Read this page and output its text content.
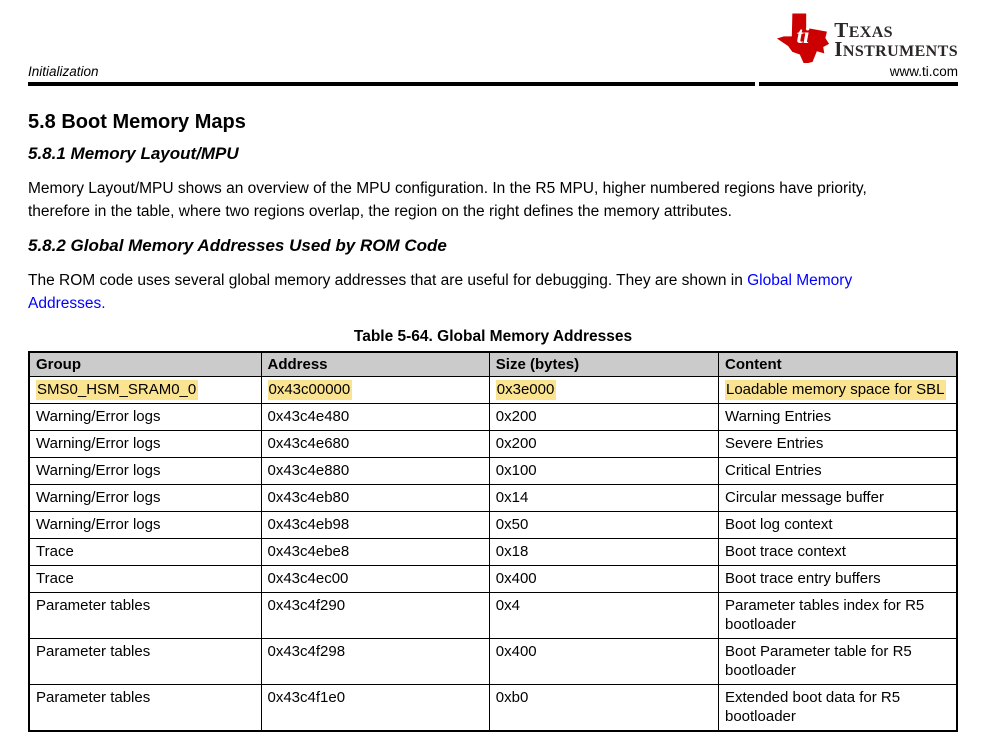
ti TEXAS
INSTRUMENTS
Initialization	www.ti.com
5.8 Boot Memory Maps
5.8.1 Memory Layout/MPU

Memory Layout/MPU shows an overview of the MPU configuration. In the R5 MPU, higher numbered regions have priority, therefore in the table, where two regions overlap, the region on the right defines the memory attributes.

5.8.2 Global Memory Addresses Used by ROM Code

The ROM code uses several global memory addresses that are useful for debugging. They are shown in Global Memory Addresses.

Table 5-64. Global Memory Addresses
Group	Address	Size (bytes)	Content
SMS0_HSM_SRAM0_0	0x43c00000	0x3e000	Loadable memory space for SBL
Warning/Error logs	0x43c4e480	0x200	Warning Entries
Warning/Error logs	0x43c4e680	0x200	Severe Entries
Warning/Error logs	0x43c4e880	0x100	Critical Entries
Warning/Error logs	0x43c4eb80	0x14	Circular message buffer
Warning/Error logs	0x43c4eb98	0x50	Boot log context
Trace	0x43c4ebe8	0x18	Boot trace context
Trace	0x43c4ec00	0x400	Boot trace entry buffers
Parameter tables	0x43c4f290	0x4	Parameter tables index for R5 bootloader
Parameter tables	0x43c4f298	0x400	Boot Parameter table for R5 bootloader
Parameter tables	0x43c4f1e0	0xb0	Extended boot data for R5 bootloader
